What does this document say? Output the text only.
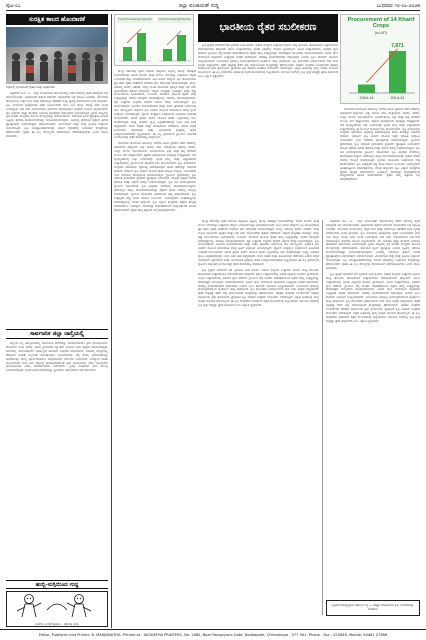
ಪುಟ-೦೭	ಜಿಲ್ಲಾ ಪಂಚಾಯತ್ ಸುದ್ದಿ	ಬುಧವಾರ ೧೮-೦೬-೨೦೨೫
ಸುರಕ್ಷಿತ ಕಾಲದ ಹೊಂದಾಣಿಕೆ
ಸಭೆಯಲ್ಲಿ ಭಾಗವಹಿಸಿದ ರೈತರು ಮತ್ತು ಅಧಿಕಾರಿಗಳು

ಚಿತ್ರದುರ್ಗ ಜೂ. ೧೭ - ಜಿಲ್ಲಾ ಪಂಚಾಯತ್ ಸಭಾಂಗಣದಲ್ಲಿ ನಡೆದ ಸಭೆಯಲ್ಲಿ ರೈತರ ಸಮಸ್ಯೆಗಳ ಬಗ್ಗೆ ಚರ್ಚಿಸಲಾಯಿತು. ಅಧಿಕಾರಿಗಳು ರೈತರಿಗೆ ಸರ್ಕಾರದ ಯೋಜನೆಗಳ ಬಗ್ಗೆ ಮಾಹಿತಿ ನೀಡಿದರು. ಮುಂಗಾರು ಹಂಗಾಮಿನಲ್ಲಿ ಬಿತ್ತನೆ ಬೀಜ ಮತ್ತು ರಸಗೊಬ್ಬರ ವಿತರಣೆಗೆ ಸೂಕ್ತ ವ್ಯವಸ್ಥೆ ಮಾಡಲಾಗಿದೆ ಎಂದು ತಿಳಿಸಿದರು. ಕೃಷಿ ಇಲಾಖೆಯ ಅಧಿಕಾರಿಗಳು ರೈತರ ಜಮೀನುಗಳಿಗೆ ಭೇಟಿ ನೀಡಿ ಮಣ್ಣು ಪರೀಕ್ಷೆ ನಡೆಸಿ ಸಲಹೆ ನೀಡಲಿದ್ದಾರೆ. ಬೆಳೆ ವಿಮೆ ಯೋಜನೆಯಡಿ ನೋಂದಣಿ ಮಾಡಿಕೊಳ್ಳಲು ಕೊನೆಯ ದಿನಾಂಕ ವಿಸ್ತರಿಸಲಾಗಿದೆ. ಹನಿ ನೀರಾವರಿ ಮತ್ತು ತುಂತುರು ನೀರಾವರಿ ಘಟಕಗಳಿಗೆ ಸಹಾಯಧನ ನೀಡಲಾಗುತ್ತಿದೆ. ಗ್ರಾಮ ಮಟ್ಟದಲ್ಲಿ ರೈತ ಸಂಪರ್ಕ ಕೇಂದ್ರಗಳ ಮೂಲಕ ಸೌಲಭ್ಯಗಳನ್ನು ಪಡೆಯಬಹುದು. ಸಾವಯವ ಕೃಷಿಗೆ ಪ್ರೋತ್ಸಾಹ ನೀಡುವ ನಿಟ್ಟಿನಲ್ಲಿ ತರಬೇತಿ ಕಾರ್ಯಾಗಾರಗಳನ್ನು ಆಯೋಜಿಸಲಾಗುವುದು. ಸಿರಿಧಾನ್ಯ ಬೆಳೆಯುವ ರೈತರಿಗೆ ವಿಶೇಷ ಪ್ರೋತ್ಸಾಹಧನ ನೀಡಲಾಗುತ್ತದೆ. ಪಶುಸಂಗೋಪನೆ, ಮೀನುಗಾರಿಕೆ ಮತ್ತು ರೇಷ್ಮೆ ಕೃಷಿಗೂ ಉತ್ತೇಜನ ನೀಡಲಾಗುತ್ತಿದೆ. ಕೃಷಿ ಯಂತ್ರೋಪಕರಣಗಳನ್ನು ಬಾಡಿಗೆ ಆಧಾರದಲ್ಲಿ ಒದಗಿಸುವ ಕೇಂದ್ರಗಳನ್ನು ತೆರೆಯಲಾಗಿದೆ. ರೈತರು ಈ ಎಲ್ಲ ಸೌಲಭ್ಯಗಳ ಸದುಪಯೋಗ ಪಡೆದುಕೊಳ್ಳಬೇಕು ಎಂದು ಮನವಿ ಮಾಡಿದರು.

ಸಾರ್ವಜನಿಕ ಜಿಲ್ಲಾ ಚಾಲ್ತಿಯಲ್ಲಿ

ಜಿಲ್ಲೆಯ ಎಲ್ಲ ತಾಲ್ಲೂಕುಗಳಲ್ಲಿ ಸಾರ್ವಜನಿಕ ಸೇವೆಗಳನ್ನು ಸುಗಮಗೊಳಿಸಲು ಕ್ರಮ ಕೈಗೊಳ್ಳಲಾಗಿದೆ. ಕುಡಿಯುವ ನೀರಿನ ಸಮಸ್ಯೆ ಇರುವ ಗ್ರಾಮಗಳಿಗೆ ಟ್ಯಾಂಕರ್ ಮೂಲಕ ನೀರು ಪೂರೈಕೆ ಮಾಡಲಾಗುತ್ತಿದೆ. ಶಾಲೆಗಳಲ್ಲಿ ಮೂಲಸೌಕರ್ಯ ಅಭಿವೃದ್ಧಿಗೆ ಅನುದಾನ ಬಿಡುಗಡೆ ಮಾಡಲಾಗಿದೆ. ಆರೋಗ್ಯ ಕೇಂದ್ರಗಳಲ್ಲಿ ಔಷಧಿಗಳ ಕೊರತೆ ಇಲ್ಲದಂತೆ ನೋಡಿಕೊಳ್ಳಲು ಸೂಚಿಸಲಾಗಿದೆ. ರಸ್ತೆ ದುರಸ್ತಿ ಕಾಮಗಾರಿಗಳನ್ನು ಮಳೆಗಾಲಕ್ಕೂ ಮುನ್ನ ಪೂರ್ಣಗೊಳಿಸಲು ಗುತ್ತಿಗೆದಾರರಿಗೆ ನಿರ್ದೇಶನ ನೀಡಲಾಗಿದೆ. ಉದ್ಯೋಗ ಖಾತರಿ ಯೋಜನೆಯಡಿ ಕೂಲಿ ಹಣ ಸಕಾಲಕ್ಕೆ ಪಾವತಿಯಾಗುವಂತೆ ಕ್ರಮ ವಹಿಸಲಾಗಿದೆ. ವಸತಿ ಯೋಜನೆಯ ಫಲಾನುಭವಿಗಳ ಆಯ್ಕೆ ಪಾರದರ್ಶಕವಾಗಿ ನಡೆಯಲಿದೆ. ಸ್ತ್ರೀಶಕ್ತಿ ಸಂಘಗಳಿಗೆ ಸಾಲ ಸೌಲಭ್ಯ ಒದಗಿಸಲಾಗುತ್ತಿದೆ. ಸಾರ್ವಜನಿಕರ ದೂರುಗಳನ್ನು ಸ್ವೀಕರಿಸಲು ಸಹಾಯವಾಣಿ ಆರಂಭಿಸಲಾಗಿದೆ.

ಹುಬ್ಬಿ-ಸುಗ್ಗಿಯಿಂದ ಗುದ್ದ
ಮಳೆಯ ಬಂದರೆ ಹೋಗಿ... ಪಶುಗಳ ಭಾಗ್ಯ
Food Processing Capacity	Food Processing Exports

ಕೇಂದ್ರ ಸರ್ಕಾರವು ರೈತರ ಆದಾಯ ಹೆಚ್ಚಿಸುವ ನಿಟ್ಟಿನಲ್ಲಿ ಹಲವು ಮಹತ್ವದ ಯೋಜನೆಗಳನ್ನು ಜಾರಿಗೆ ತಂದಿದೆ. ಕನಿಷ್ಠ ಬೆಂಬಲ ಬೆಲೆಯನ್ನು ಉತ್ಪಾದನಾ ವೆಚ್ಚದ ಒಂದೂವರೆ ಪಟ್ಟು ನಿಗದಿಪಡಿಸಲಾಗಿದೆ. ಪಿಎಂ ಕಿಸಾನ್ ಸಮ್ಮಾನ್ ನಿಧಿ ಯೋಜನೆಯಡಿ ಪ್ರತಿ ವರ್ಷ ರೈತರ ಖಾತೆಗಳಿಗೆ ನೇರವಾಗಿ ಹಣ ವರ್ಗಾವಣೆ ಮಾಡಲಾಗುತ್ತಿದೆ. ಮಣ್ಣು ಆರೋಗ್ಯ ಕಾರ್ಡ್ ವಿತರಣೆ, ಬೇವು ಲೇಪಿತ ಯೂರಿಯಾ ಪೂರೈಕೆ ಮತ್ತು ಬೆಳೆ ವಿಮೆ ಯೋಜನೆಗಳು ರೈತರಿಗೆ ನೆರವಾಗಿವೆ. ಆಹಾರ ಸಂಸ್ಕರಣಾ ಸಾಮರ್ಥ್ಯ ಮತ್ತು ರಫ್ತು ಗಣನೀಯವಾಗಿ ಏರಿಕೆಯಾಗಿದೆ. ಇ-ನಾಮ್ ವೇದಿಕೆಯ ಮೂಲಕ ರೈತರು ತಮ್ಮ ಉತ್ಪನ್ನಗಳನ್ನು ದೇಶದ ಯಾವುದೇ ಮಾರುಕಟ್ಟೆಯಲ್ಲಿ ಮಾರಾಟ ಮಾಡಬಹುದಾಗಿದೆ. ರೈತ ಉತ್ಪಾದಕ ಸಂಸ್ಥೆಗಳ ರಚನೆಗೆ ಆರ್ಥಿಕ ನೆರವು ನೀಡಲಾಗುತ್ತಿದೆ. ಕೃಷಿ ಮೂಲಸೌಕರ್ಯ ನಿಧಿಯಡಿ ಗೋದಾಮುಗಳು ಮತ್ತು ಶೀತಲ ಘಟಕಗಳ ನಿರ್ಮಾಣಕ್ಕೆ ಸಾಲ ಸೌಲಭ್ಯವಿದೆ. ನೈಸರ್ಗಿಕ ಕೃಷಿ ಮಿಷನ್ ಮೂಲಕ ರಾಸಾಯನಿಕ ಮುಕ್ತ ಕೃಷಿಗೆ ಉತ್ತೇಜನ ನೀಡಲಾಗುತ್ತಿದೆ. ಡ್ರೋನ್ ತಂತ್ರಜ್ಞಾನ ಬಳಕೆಯಿಂದ ಕೀಟನಾಶಕ ಸಿಂಪಡಣೆ ಸುಲಭವಾಗಿದೆ. ಕಿಸಾನ್ ಕ್ರೆಡಿಟ್ ಕಾರ್ಡ್ ಮೂಲಕ ಕಡಿಮೆ ಬಡ್ಡಿದರದಲ್ಲಿ ಸಾಲ ದೊರೆಯುತ್ತಿದೆ. ಸೂಕ್ಷ್ಮ ನೀರಾವರಿ ವ್ಯಾಪ್ತಿ ವಿಸ್ತರಣೆಯಾಗಿದ್ದು ನೀರಿನ ಮಿತ ಬಳಕೆ ಸಾಧ್ಯವಾಗಿದೆ. ಜೇನು ಸಾಕಣೆ ಮತ್ತು ತೋಟಗಾರಿಕೆ ಬೆಳೆಗಳಿಗೂ ವಿಶೇಷ ಆದ್ಯತೆ ನೀಡಲಾಗಿದೆ. ಹೈನುಗಾರಿಕೆ ಮತ್ತು ಮೀನುಗಾರಿಕೆ ಕ್ಷೇತ್ರದಲ್ಲಿ ಹೊಸ ಉದ್ಯೋಗಾವಕಾಶಗಳು ಸೃಷ್ಟಿಯಾಗಿವೆ. ಈ ಎಲ್ಲ ಕ್ರಮಗಳಿಂದ ಗ್ರಾಮೀಣ ಆರ್ಥಿಕತೆ ಬಲಗೊಂಡಿದ್ದು ರೈತರ ಜೀವನಮಟ್ಟ ಸುಧಾರಿಸಿದೆ.

ಮುಂಗಾರು ಹಂಗಾಮಿನ ಹದಿನಾಲ್ಕು ಬೆಳೆಗಳ ಖರೀದಿ ಪ್ರಮಾಣ ಕಳೆದ ದಶಕದಲ್ಲಿ ಅಪಾರವಾಗಿ ಹೆಚ್ಚಾಗಿದೆ. ಭತ್ತ, ಜೋಳ, ರಾಗಿ, ಮೆಕ್ಕೆಜೋಳ, ತೊಗರಿ, ಹೆಸರು, ಉದ್ದು, ಶೇಂಗಾ, ಸೋಯಾಬೀನ್, ಸೂರ್ಯಕಾಂತಿ, ಎಳ್ಳು ಮತ್ತು ಹತ್ತಿ ಬೆಳೆಗಳಿಗೆ ಬೆಂಬಲ ಬೆಲೆ ಹೆಚ್ಚಿಸಲಾಗಿದೆ. ರೈತರಿಗೆ ಪಾವತಿಸಲಾದ ಮೊತ್ತವೂ ದುಪ್ಪಟ್ಟಾಗಿದೆ. ಬೆಳೆ ವೈವಿಧ್ಯೀಕರಣಕ್ಕೆ ಒತ್ತು ನೀಡಲಾಗಿದ್ದು ದ್ವಿದಳ ಧಾನ್ಯ ಮತ್ತು ಎಣ್ಣೆಕಾಳುಗಳ ಉತ್ಪಾದನೆಯಲ್ಲಿ ಸ್ವಾವಲಂಬನೆ ಸಾಧಿಸುವ ಗುರಿ ಹೊಂದಲಾಗಿದೆ. ಕೃಷಿ ಸಂಶೋಧನಾ ಸಂಸ್ಥೆಗಳು ಹವಾಮಾನ ವೈಪರೀತ್ಯ ತಡೆದುಕೊಳ್ಳುವ ಹೊಸ ತಳಿಗಳನ್ನು ಬಿಡುಗಡೆ ಮಾಡಿವೆ. ಡಿಜಿಟಲ್ ಕೃಷಿ ಮಿಷನ್ ಮೂಲಕ ರೈತರ ಮಾಹಿತಿ ಸಂಗ್ರಹಿಸಿ ಯೋಜನೆಗಳ ಲಾಭ ನೇರವಾಗಿ ತಲುಪುವಂತೆ ಮಾಡಲಾಗುತ್ತಿದೆ. ಗ್ರಾಮೀಣ ಪ್ರದೇಶಗಳಲ್ಲಿ ಕೃಷಿ ಆಧಾರಿತ ಕೈಗಾರಿಕೆಗಳ ಸ್ಥಾಪನೆಗೆ ಪ್ರೋತ್ಸಾಹ ನೀಡಲಾಗಿದೆ. ಮಹಿಳಾ ರೈತರಿಗೆ ವಿಶೇಷ ತರಬೇತಿ ಮತ್ತು ಆರ್ಥಿಕ ನೆರವು ಒದಗಿಸಲಾಗುತ್ತಿದೆ. ಕೃಷಿ ಸಖಿ ಕಾರ್ಯಕ್ರಮದಡಿ ಗ್ರಾಮೀಣ ಮಹಿಳೆಯರು ಕೃಷಿ ವಿಸ್ತರಣಾ ಸೇವೆಗಳಲ್ಲಿ ತೊಡಗಿಸಿಕೊಂಡಿದ್ದಾರೆ. ರಸಗೊಬ್ಬರ ಸಬ್ಸಿಡಿ ಮುಂದುವರಿಸಲಾಗಿದ್ದು ರೈತರಿಗೆ ಕಡಿಮೆ ದರದಲ್ಲಿ ಗೊಬ್ಬರ ದೊರೆಯುತ್ತಿದೆ. ನ್ಯಾನೋ ಯೂರಿಯಾ ಬಳಕೆಯಿಂದ ವೆಚ್ಚ ಕಡಿಮೆಯಾಗಿದೆ. ಕೃಷಿ ಉತ್ಪನ್ನಗಳ ರಫ್ತು ಹೊಸ ದಾಖಲೆ ನಿರ್ಮಿಸಿದೆ. ಸಿರಿಧಾನ್ಯಗಳಿಗೆ ಅಂತಾರಾಷ್ಟ್ರೀಯ ಮಾರುಕಟ್ಟೆಯಲ್ಲಿ ಬೇಡಿಕೆ ಹೆಚ್ಚಾಗಿದೆ. ಕೃಷಿ ವಿಜ್ಞಾನ ಕೇಂದ್ರಗಳು ರೈತರಿಗೆ ತಾಂತ್ರಿಕ ಮಾರ್ಗದರ್ಶನ ನೀಡುತ್ತಿವೆ. ಮಾರುಕಟ್ಟೆ ಸುಧಾರಣೆಗಳಿಂದ ಮಧ್ಯವರ್ತಿಗಳ ಹಾವಳಿ ಕಡಿಮೆಯಾಗಿದೆ. ರೈತರು ತಮ್ಮ ಹಕ್ಕುಗಳ ಬಗ್ಗೆ ಜಾಗೃತರಾಗಬೇಕು.

ಭಾರತೀಯ ರೈತರ ಸಬಲೀಕರಣ
Procurement of 14 Kharif Crops
(in LMT)
2004-14	2014-24
7,871

ಕೃಷಿ ಕ್ಷೇತ್ರದ ಬೆಳವಣಿಗೆ ದರ ಸ್ಥಿರವಾಗಿ ಏರಿಕೆ ಕಂಡಿದೆ. ಆಹಾರ ಧಾನ್ಯಗಳ ಉತ್ಪಾದನೆ ದಾಖಲೆ ಮಟ್ಟ ತಲುಪಿದೆ. ತೋಟಗಾರಿಕೆ ಉತ್ಪಾದನೆಯೂ ಗಮನಾರ್ಹವಾಗಿ ಹೆಚ್ಚಾಗಿದೆ. ಹಾಲು ಉತ್ಪಾದನೆಯಲ್ಲಿ ಭಾರತ ವಿಶ್ವದಲ್ಲೇ ಮೊದಲ ಸ್ಥಾನದಲ್ಲಿದೆ. ಮೀನು ಉತ್ಪಾದನೆಯಲ್ಲಿ ಎರಡನೇ ಸ್ಥಾನ ಪಡೆದಿದೆ. ಗ್ರಾಮೀಣ ರಸ್ತೆ ಸಂಪರ್ಕ ಸುಧಾರಣೆಯಿಂದ ರೈತರು ತಮ್ಮ ಉತ್ಪನ್ನಗಳನ್ನು ಮಾರುಕಟ್ಟೆಗೆ ಸುಲಭವಾಗಿ ಸಾಗಿಸಬಹುದಾಗಿದೆ. ಕಿಸಾನ್ ರೈಲು ಸೇವೆಯಿಂದ ಹಾಳಾಗುವ ಉತ್ಪನ್ನಗಳ ಸಾಗಣೆ ವೇಗವಾಗಿದೆ. ಸೌರಶಕ್ತಿ ಪಂಪ್‌ಸೆಟ್‌ಗಳಿಗೆ ಸಹಾಯಧನ ನೀಡುವ ಪಿಎಂ ಕುಸುಮ್ ಯೋಜನೆ ಜನಪ್ರಿಯವಾಗಿದೆ. ಜಲಾನಯನ ಅಭಿವೃದ್ಧಿ ಕಾರ್ಯಕ್ರಮಗಳಿಂದ ಅಂತರ್ಜಲ ಮಟ್ಟ ಸುಧಾರಿಸಿದೆ. ಕೃಷಿ ಹೊಂಡಗಳ ನಿರ್ಮಾಣದಿಂದ ಮಳೆ ನೀರು ಸಂಗ್ರಹ ಸಾಧ್ಯವಾಗಿದೆ. ರೈತರ ಆತ್ಮಹತ್ಯೆ ತಡೆಗೆ ಆಪ್ತ ಸಮಾಲೋಚನೆ ಕೇಂದ್ರಗಳನ್ನು ತೆರೆಯಲಾಗಿದೆ. ಸಹಕಾರಿ ಸಂಘಗಳ ಬಲವರ್ಧನೆಗೆ ಸಹಕಾರ ಸಚಿವಾಲಯ ಕ್ರಮ ಕೈಗೊಂಡಿದೆ. ಪ್ರಾಥಮಿಕ ಕೃಷಿ ಸಹಕಾರ ಸಂಘಗಳ ಗಣಕೀಕರಣ ನಡೆಯುತ್ತಿದೆ. ವಿಶ್ವದ ಅತಿದೊಡ್ಡ ಧಾನ್ಯ ಸಂಗ್ರಹ ಯೋಜನೆ ಜಾರಿಯಲ್ಲಿದೆ. ಈ ಎಲ್ಲ ಸಾಧನೆಗಳು ಭಾರತೀಯ ರೈತರ ಸಬಲೀಕರಣಕ್ಕೆ ಸಾಕ್ಷಿಯಾಗಿವೆ. ಮುಂದಿನ ದಿನಗಳಲ್ಲಿ ಕೃಷಿ ಕ್ಷೇತ್ರ ಮತ್ತಷ್ಟು ಪ್ರಗತಿ ಸಾಧಿಸಲಿದೆ ಎಂಬ ವಿಶ್ವಾಸ ವ್ಯಕ್ತವಾಗಿದೆ.

ಮುಂಗಾರು ಹಂಗಾಮಿನ ಹದಿನಾಲ್ಕು ಬೆಳೆಗಳ ಖರೀದಿ ಪ್ರಮಾಣ ಕಳೆದ ದಶಕದಲ್ಲಿ ಅಪಾರವಾಗಿ ಹೆಚ್ಚಾಗಿದೆ. ಭತ್ತ, ಜೋಳ, ರಾಗಿ, ಮೆಕ್ಕೆಜೋಳ, ತೊಗರಿ, ಹೆಸರು, ಉದ್ದು, ಶೇಂಗಾ, ಸೋಯಾಬೀನ್, ಸೂರ್ಯಕಾಂತಿ, ಎಳ್ಳು ಮತ್ತು ಹತ್ತಿ ಬೆಳೆಗಳಿಗೆ ಬೆಂಬಲ ಬೆಲೆ ಹೆಚ್ಚಿಸಲಾಗಿದೆ. ರೈತರಿಗೆ ಪಾವತಿಸಲಾದ ಮೊತ್ತವೂ ದುಪ್ಪಟ್ಟಾಗಿದೆ. ಬೆಳೆ ವೈವಿಧ್ಯೀಕರಣಕ್ಕೆ ಒತ್ತು ನೀಡಲಾಗಿದ್ದು ದ್ವಿದಳ ಧಾನ್ಯ ಮತ್ತು ಎಣ್ಣೆಕಾಳುಗಳ ಉತ್ಪಾದನೆಯಲ್ಲಿ ಸ್ವಾವಲಂಬನೆ ಸಾಧಿಸುವ ಗುರಿ ಹೊಂದಲಾಗಿದೆ. ಕೃಷಿ ಸಂಶೋಧನಾ ಸಂಸ್ಥೆಗಳು ಹವಾಮಾನ ವೈಪರೀತ್ಯ ತಡೆದುಕೊಳ್ಳುವ ಹೊಸ ತಳಿಗಳನ್ನು ಬಿಡುಗಡೆ ಮಾಡಿವೆ. ಡಿಜಿಟಲ್ ಕೃಷಿ ಮಿಷನ್ ಮೂಲಕ ರೈತರ ಮಾಹಿತಿ ಸಂಗ್ರಹಿಸಿ ಯೋಜನೆಗಳ ಲಾಭ ನೇರವಾಗಿ ತಲುಪುವಂತೆ ಮಾಡಲಾಗುತ್ತಿದೆ. ಗ್ರಾಮೀಣ ಪ್ರದೇಶಗಳಲ್ಲಿ ಕೃಷಿ ಆಧಾರಿತ ಕೈಗಾರಿಕೆಗಳ ಸ್ಥಾಪನೆಗೆ ಪ್ರೋತ್ಸಾಹ ನೀಡಲಾಗಿದೆ. ಮಹಿಳಾ ರೈತರಿಗೆ ವಿಶೇಷ ತರಬೇತಿ ಮತ್ತು ಆರ್ಥಿಕ ನೆರವು ಒದಗಿಸಲಾಗುತ್ತಿದೆ. ಕೃಷಿ ಸಖಿ ಕಾರ್ಯಕ್ರಮದಡಿ ಗ್ರಾಮೀಣ ಮಹಿಳೆಯರು ಕೃಷಿ ವಿಸ್ತರಣಾ ಸೇವೆಗಳಲ್ಲಿ ತೊಡಗಿಸಿಕೊಂಡಿದ್ದಾರೆ. ರಸಗೊಬ್ಬರ ಸಬ್ಸಿಡಿ ಮುಂದುವರಿಸಲಾಗಿದ್ದು ರೈತರಿಗೆ ಕಡಿಮೆ ದರದಲ್ಲಿ ಗೊಬ್ಬರ ದೊರೆಯುತ್ತಿದೆ. ನ್ಯಾನೋ ಯೂರಿಯಾ ಬಳಕೆಯಿಂದ ವೆಚ್ಚ ಕಡಿಮೆಯಾಗಿದೆ. ಕೃಷಿ ಉತ್ಪನ್ನಗಳ ರಫ್ತು ಹೊಸ ದಾಖಲೆ ನಿರ್ಮಿಸಿದೆ. ಸಿರಿಧಾನ್ಯಗಳಿಗೆ ಅಂತಾರಾಷ್ಟ್ರೀಯ ಮಾರುಕಟ್ಟೆಯಲ್ಲಿ ಬೇಡಿಕೆ ಹೆಚ್ಚಾಗಿದೆ. ಕೃಷಿ ವಿಜ್ಞಾನ ಕೇಂದ್ರಗಳು ರೈತರಿಗೆ ತಾಂತ್ರಿಕ ಮಾರ್ಗದರ್ಶನ ನೀಡುತ್ತಿವೆ. ಮಾರುಕಟ್ಟೆ ಸುಧಾರಣೆಗಳಿಂದ ಮಧ್ಯವರ್ತಿಗಳ ಹಾವಳಿ ಕಡಿಮೆಯಾಗಿದೆ. ರೈತರು ತಮ್ಮ ಹಕ್ಕುಗಳ ಬಗ್ಗೆ ಜಾಗೃತರಾಗಬೇಕು.

ಕೇಂದ್ರ ಸರ್ಕಾರವು ರೈತರ ಆದಾಯ ಹೆಚ್ಚಿಸುವ ನಿಟ್ಟಿನಲ್ಲಿ ಹಲವು ಮಹತ್ವದ ಯೋಜನೆಗಳನ್ನು ಜಾರಿಗೆ ತಂದಿದೆ. ಕನಿಷ್ಠ ಬೆಂಬಲ ಬೆಲೆಯನ್ನು ಉತ್ಪಾದನಾ ವೆಚ್ಚದ ಒಂದೂವರೆ ಪಟ್ಟು ನಿಗದಿಪಡಿಸಲಾಗಿದೆ. ಪಿಎಂ ಕಿಸಾನ್ ಸಮ್ಮಾನ್ ನಿಧಿ ಯೋಜನೆಯಡಿ ಪ್ರತಿ ವರ್ಷ ರೈತರ ಖಾತೆಗಳಿಗೆ ನೇರವಾಗಿ ಹಣ ವರ್ಗಾವಣೆ ಮಾಡಲಾಗುತ್ತಿದೆ. ಮಣ್ಣು ಆರೋಗ್ಯ ಕಾರ್ಡ್ ವಿತರಣೆ, ಬೇವು ಲೇಪಿತ ಯೂರಿಯಾ ಪೂರೈಕೆ ಮತ್ತು ಬೆಳೆ ವಿಮೆ ಯೋಜನೆಗಳು ರೈತರಿಗೆ ನೆರವಾಗಿವೆ. ಆಹಾರ ಸಂಸ್ಕರಣಾ ಸಾಮರ್ಥ್ಯ ಮತ್ತು ರಫ್ತು ಗಣನೀಯವಾಗಿ ಏರಿಕೆಯಾಗಿದೆ. ಇ-ನಾಮ್ ವೇದಿಕೆಯ ಮೂಲಕ ರೈತರು ತಮ್ಮ ಉತ್ಪನ್ನಗಳನ್ನು ದೇಶದ ಯಾವುದೇ ಮಾರುಕಟ್ಟೆಯಲ್ಲಿ ಮಾರಾಟ ಮಾಡಬಹುದಾಗಿದೆ. ರೈತ ಉತ್ಪಾದಕ ಸಂಸ್ಥೆಗಳ ರಚನೆಗೆ ಆರ್ಥಿಕ ನೆರವು ನೀಡಲಾಗುತ್ತಿದೆ. ಕೃಷಿ ಮೂಲಸೌಕರ್ಯ ನಿಧಿಯಡಿ ಗೋದಾಮುಗಳು ಮತ್ತು ಶೀತಲ ಘಟಕಗಳ ನಿರ್ಮಾಣಕ್ಕೆ ಸಾಲ ಸೌಲಭ್ಯವಿದೆ. ನೈಸರ್ಗಿಕ ಕೃಷಿ ಮಿಷನ್ ಮೂಲಕ ರಾಸಾಯನಿಕ ಮುಕ್ತ ಕೃಷಿಗೆ ಉತ್ತೇಜನ ನೀಡಲಾಗುತ್ತಿದೆ. ಡ್ರೋನ್ ತಂತ್ರಜ್ಞಾನ ಬಳಕೆಯಿಂದ ಕೀಟನಾಶಕ ಸಿಂಪಡಣೆ ಸುಲಭವಾಗಿದೆ. ಕಿಸಾನ್ ಕ್ರೆಡಿಟ್ ಕಾರ್ಡ್ ಮೂಲಕ ಕಡಿಮೆ ಬಡ್ಡಿದರದಲ್ಲಿ ಸಾಲ ದೊರೆಯುತ್ತಿದೆ. ಸೂಕ್ಷ್ಮ ನೀರಾವರಿ ವ್ಯಾಪ್ತಿ ವಿಸ್ತರಣೆಯಾಗಿದ್ದು ನೀರಿನ ಮಿತ ಬಳಕೆ ಸಾಧ್ಯವಾಗಿದೆ. ಜೇನು ಸಾಕಣೆ ಮತ್ತು ತೋಟಗಾರಿಕೆ ಬೆಳೆಗಳಿಗೂ ವಿಶೇಷ ಆದ್ಯತೆ ನೀಡಲಾಗಿದೆ. ಹೈನುಗಾರಿಕೆ ಮತ್ತು ಮೀನುಗಾರಿಕೆ ಕ್ಷೇತ್ರದಲ್ಲಿ ಹೊಸ ಉದ್ಯೋಗಾವಕಾಶಗಳು ಸೃಷ್ಟಿಯಾಗಿವೆ. ಈ ಎಲ್ಲ ಕ್ರಮಗಳಿಂದ ಗ್ರಾಮೀಣ ಆರ್ಥಿಕತೆ ಬಲಗೊಂಡಿದ್ದು ರೈತರ ಜೀವನಮಟ್ಟ ಸುಧಾರಿಸಿದೆ.

ಕೃಷಿ ಕ್ಷೇತ್ರದ ಬೆಳವಣಿಗೆ ದರ ಸ್ಥಿರವಾಗಿ ಏರಿಕೆ ಕಂಡಿದೆ. ಆಹಾರ ಧಾನ್ಯಗಳ ಉತ್ಪಾದನೆ ದಾಖಲೆ ಮಟ್ಟ ತಲುಪಿದೆ. ತೋಟಗಾರಿಕೆ ಉತ್ಪಾದನೆಯೂ ಗಮನಾರ್ಹವಾಗಿ ಹೆಚ್ಚಾಗಿದೆ. ಹಾಲು ಉತ್ಪಾದನೆಯಲ್ಲಿ ಭಾರತ ವಿಶ್ವದಲ್ಲೇ ಮೊದಲ ಸ್ಥಾನದಲ್ಲಿದೆ. ಮೀನು ಉತ್ಪಾದನೆಯಲ್ಲಿ ಎರಡನೇ ಸ್ಥಾನ ಪಡೆದಿದೆ. ಗ್ರಾಮೀಣ ರಸ್ತೆ ಸಂಪರ್ಕ ಸುಧಾರಣೆಯಿಂದ ರೈತರು ತಮ್ಮ ಉತ್ಪನ್ನಗಳನ್ನು ಮಾರುಕಟ್ಟೆಗೆ ಸುಲಭವಾಗಿ ಸಾಗಿಸಬಹುದಾಗಿದೆ. ಕಿಸಾನ್ ರೈಲು ಸೇವೆಯಿಂದ ಹಾಳಾಗುವ ಉತ್ಪನ್ನಗಳ ಸಾಗಣೆ ವೇಗವಾಗಿದೆ. ಸೌರಶಕ್ತಿ ಪಂಪ್‌ಸೆಟ್‌ಗಳಿಗೆ ಸಹಾಯಧನ ನೀಡುವ ಪಿಎಂ ಕುಸುಮ್ ಯೋಜನೆ ಜನಪ್ರಿಯವಾಗಿದೆ. ಜಲಾನಯನ ಅಭಿವೃದ್ಧಿ ಕಾರ್ಯಕ್ರಮಗಳಿಂದ ಅಂತರ್ಜಲ ಮಟ್ಟ ಸುಧಾರಿಸಿದೆ. ಕೃಷಿ ಹೊಂಡಗಳ ನಿರ್ಮಾಣದಿಂದ ಮಳೆ ನೀರು ಸಂಗ್ರಹ ಸಾಧ್ಯವಾಗಿದೆ. ರೈತರ ಆತ್ಮಹತ್ಯೆ ತಡೆಗೆ ಆಪ್ತ ಸಮಾಲೋಚನೆ ಕೇಂದ್ರಗಳನ್ನು ತೆರೆಯಲಾಗಿದೆ. ಸಹಕಾರಿ ಸಂಘಗಳ ಬಲವರ್ಧನೆಗೆ ಸಹಕಾರ ಸಚಿವಾಲಯ ಕ್ರಮ ಕೈಗೊಂಡಿದೆ. ಪ್ರಾಥಮಿಕ ಕೃಷಿ ಸಹಕಾರ ಸಂಘಗಳ ಗಣಕೀಕರಣ ನಡೆಯುತ್ತಿದೆ. ವಿಶ್ವದ ಅತಿದೊಡ್ಡ ಧಾನ್ಯ ಸಂಗ್ರಹ ಯೋಜನೆ ಜಾರಿಯಲ್ಲಿದೆ. ಈ ಎಲ್ಲ ಸಾಧನೆಗಳು ಭಾರತೀಯ ರೈತರ ಸಬಲೀಕರಣಕ್ಕೆ ಸಾಕ್ಷಿಯಾಗಿವೆ. ಮುಂದಿನ ದಿನಗಳಲ್ಲಿ ಕೃಷಿ ಕ್ಷೇತ್ರ ಮತ್ತಷ್ಟು ಪ್ರಗತಿ ಸಾಧಿಸಲಿದೆ ಎಂಬ ವಿಶ್ವಾಸ ವ್ಯಕ್ತವಾಗಿದೆ.

ಚಿತ್ರದುರ್ಗ ಜೂ. ೧೭ - ಜಿಲ್ಲಾ ಪಂಚಾಯತ್ ಸಭಾಂಗಣದಲ್ಲಿ ನಡೆದ ಸಭೆಯಲ್ಲಿ ರೈತರ ಸಮಸ್ಯೆಗಳ ಬಗ್ಗೆ ಚರ್ಚಿಸಲಾಯಿತು. ಅಧಿಕಾರಿಗಳು ರೈತರಿಗೆ ಸರ್ಕಾರದ ಯೋಜನೆಗಳ ಬಗ್ಗೆ ಮಾಹಿತಿ ನೀಡಿದರು. ಮುಂಗಾರು ಹಂಗಾಮಿನಲ್ಲಿ ಬಿತ್ತನೆ ಬೀಜ ಮತ್ತು ರಸಗೊಬ್ಬರ ವಿತರಣೆಗೆ ಸೂಕ್ತ ವ್ಯವಸ್ಥೆ ಮಾಡಲಾಗಿದೆ ಎಂದು ತಿಳಿಸಿದರು. ಕೃಷಿ ಇಲಾಖೆಯ ಅಧಿಕಾರಿಗಳು ರೈತರ ಜಮೀನುಗಳಿಗೆ ಭೇಟಿ ನೀಡಿ ಮಣ್ಣು ಪರೀಕ್ಷೆ ನಡೆಸಿ ಸಲಹೆ ನೀಡಲಿದ್ದಾರೆ. ಬೆಳೆ ವಿಮೆ ಯೋಜನೆಯಡಿ ನೋಂದಣಿ ಮಾಡಿಕೊಳ್ಳಲು ಕೊನೆಯ ದಿನಾಂಕ ವಿಸ್ತರಿಸಲಾಗಿದೆ. ಹನಿ ನೀರಾವರಿ ಮತ್ತು ತುಂತುರು ನೀರಾವರಿ ಘಟಕಗಳಿಗೆ ಸಹಾಯಧನ ನೀಡಲಾಗುತ್ತಿದೆ. ಗ್ರಾಮ ಮಟ್ಟದಲ್ಲಿ ರೈತ ಸಂಪರ್ಕ ಕೇಂದ್ರಗಳ ಮೂಲಕ ಸೌಲಭ್ಯಗಳನ್ನು ಪಡೆಯಬಹುದು. ಸಾವಯವ ಕೃಷಿಗೆ ಪ್ರೋತ್ಸಾಹ ನೀಡುವ ನಿಟ್ಟಿನಲ್ಲಿ ತರಬೇತಿ ಕಾರ್ಯಾಗಾರಗಳನ್ನು ಆಯೋಜಿಸಲಾಗುವುದು. ಸಿರಿಧಾನ್ಯ ಬೆಳೆಯುವ ರೈತರಿಗೆ ವಿಶೇಷ ಪ್ರೋತ್ಸಾಹಧನ ನೀಡಲಾಗುತ್ತದೆ. ಪಶುಸಂಗೋಪನೆ, ಮೀನುಗಾರಿಕೆ ಮತ್ತು ರೇಷ್ಮೆ ಕೃಷಿಗೂ ಉತ್ತೇಜನ ನೀಡಲಾಗುತ್ತಿದೆ. ಕೃಷಿ ಯಂತ್ರೋಪಕರಣಗಳನ್ನು ಬಾಡಿಗೆ ಆಧಾರದಲ್ಲಿ ಒದಗಿಸುವ ಕೇಂದ್ರಗಳನ್ನು ತೆರೆಯಲಾಗಿದೆ. ರೈತರು ಈ ಎಲ್ಲ ಸೌಲಭ್ಯಗಳ ಸದುಪಯೋಗ ಪಡೆದುಕೊಳ್ಳಬೇಕು ಎಂದು ಮನವಿ ಮಾಡಿದರು.

ಕೃಷಿ ಕ್ಷೇತ್ರದ ಬೆಳವಣಿಗೆ ದರ ಸ್ಥಿರವಾಗಿ ಏರಿಕೆ ಕಂಡಿದೆ. ಆಹಾರ ಧಾನ್ಯಗಳ ಉತ್ಪಾದನೆ ದಾಖಲೆ ಮಟ್ಟ ತಲುಪಿದೆ. ತೋಟಗಾರಿಕೆ ಉತ್ಪಾದನೆಯೂ ಗಮನಾರ್ಹವಾಗಿ ಹೆಚ್ಚಾಗಿದೆ. ಹಾಲು ಉತ್ಪಾದನೆಯಲ್ಲಿ ಭಾರತ ವಿಶ್ವದಲ್ಲೇ ಮೊದಲ ಸ್ಥಾನದಲ್ಲಿದೆ. ಮೀನು ಉತ್ಪಾದನೆಯಲ್ಲಿ ಎರಡನೇ ಸ್ಥಾನ ಪಡೆದಿದೆ. ಗ್ರಾಮೀಣ ರಸ್ತೆ ಸಂಪರ್ಕ ಸುಧಾರಣೆಯಿಂದ ರೈತರು ತಮ್ಮ ಉತ್ಪನ್ನಗಳನ್ನು ಮಾರುಕಟ್ಟೆಗೆ ಸುಲಭವಾಗಿ ಸಾಗಿಸಬಹುದಾಗಿದೆ. ಕಿಸಾನ್ ರೈಲು ಸೇವೆಯಿಂದ ಹಾಳಾಗುವ ಉತ್ಪನ್ನಗಳ ಸಾಗಣೆ ವೇಗವಾಗಿದೆ. ಸೌರಶಕ್ತಿ ಪಂಪ್‌ಸೆಟ್‌ಗಳಿಗೆ ಸಹಾಯಧನ ನೀಡುವ ಪಿಎಂ ಕುಸುಮ್ ಯೋಜನೆ ಜನಪ್ರಿಯವಾಗಿದೆ. ಜಲಾನಯನ ಅಭಿವೃದ್ಧಿ ಕಾರ್ಯಕ್ರಮಗಳಿಂದ ಅಂತರ್ಜಲ ಮಟ್ಟ ಸುಧಾರಿಸಿದೆ. ಕೃಷಿ ಹೊಂಡಗಳ ನಿರ್ಮಾಣದಿಂದ ಮಳೆ ನೀರು ಸಂಗ್ರಹ ಸಾಧ್ಯವಾಗಿದೆ. ರೈತರ ಆತ್ಮಹತ್ಯೆ ತಡೆಗೆ ಆಪ್ತ ಸಮಾಲೋಚನೆ ಕೇಂದ್ರಗಳನ್ನು ತೆರೆಯಲಾಗಿದೆ. ಸಹಕಾರಿ ಸಂಘಗಳ ಬಲವರ್ಧನೆಗೆ ಸಹಕಾರ ಸಚಿವಾಲಯ ಕ್ರಮ ಕೈಗೊಂಡಿದೆ. ಪ್ರಾಥಮಿಕ ಕೃಷಿ ಸಹಕಾರ ಸಂಘಗಳ ಗಣಕೀಕರಣ ನಡೆಯುತ್ತಿದೆ. ವಿಶ್ವದ ಅತಿದೊಡ್ಡ ಧಾನ್ಯ ಸಂಗ್ರಹ ಯೋಜನೆ ಜಾರಿಯಲ್ಲಿದೆ. ಈ ಎಲ್ಲ ಸಾಧನೆಗಳು ಭಾರತೀಯ ರೈತರ ಸಬಲೀಕರಣಕ್ಕೆ ಸಾಕ್ಷಿಯಾಗಿವೆ. ಮುಂದಿನ ದಿನಗಳಲ್ಲಿ ಕೃಷಿ ಕ್ಷೇತ್ರ ಮತ್ತಷ್ಟು ಪ್ರಗತಿ ಸಾಧಿಸಲಿದೆ ಎಂಬ ವಿಶ್ವಾಸ ವ್ಯಕ್ತವಾಗಿದೆ.

ಕೃಷಿಕರ ಅಭಿವೃದ್ಧಿಗಾಗಿ ಸರ್ಕಾರ ಬದ್ಧ — ಹೆಚ್ಚಿನ ಮಾಹಿತಿಗಾಗಿ ಕೃಷಿ ಇಲಾಖೆಯನ್ನು ಸಂಪರ್ಕಿಸಿ
Editor, Publisher and Printer: B. MANJUNATHA. Printed at : AKSHATHA PRINTERS, No. 1860, Near Rangayana Gate, Doddapete, Chitradurga - 577 501. Phone - Fax : 225848, Mobile: 94481 27866
